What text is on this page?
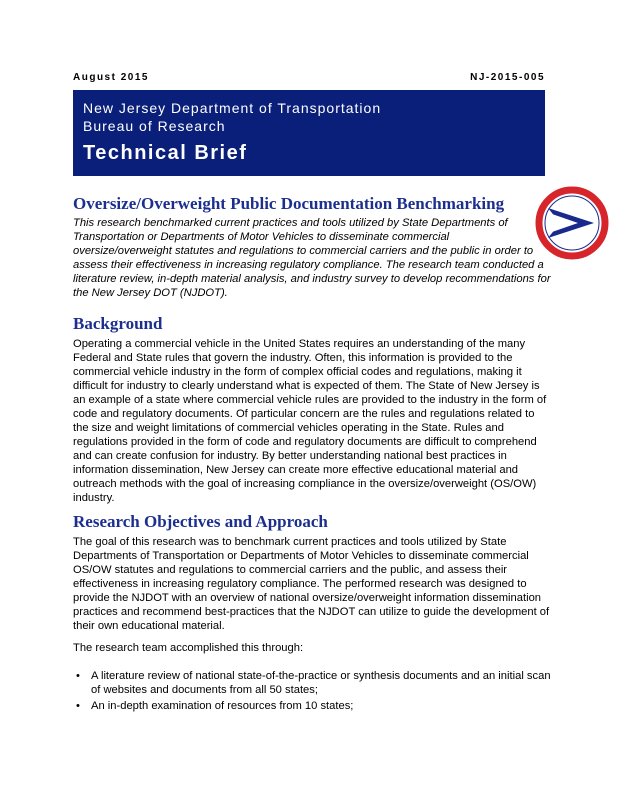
August 2015	NJ-2015-005
New Jersey Department of Transportation
Bureau of Research
Technical Brief
Oversize/Overweight Public Documentation Benchmarking

This research benchmarked current practices and tools utilized by State Departments of Transportation or Departments of Motor Vehicles to disseminate commercial oversize/overweight statutes and regulations to commercial carriers and the public in order to assess their effectiveness in increasing regulatory compliance. The research team conducted a literature review, in-depth material analysis, and industry survey to develop recommendations for the New Jersey DOT (NJDOT).

Background

Operating a commercial vehicle in the United States requires an understanding of the many Federal and State rules that govern the industry. Often, this information is provided to the commercial vehicle industry in the form of complex official codes and regulations, making it difficult for industry to clearly understand what is expected of them. The State of New Jersey is an example of a state where commercial vehicle rules are provided to the industry in the form of code and regulatory documents. Of particular concern are the rules and regulations related to the size and weight limitations of commercial vehicles operating in the State. Rules and regulations provided in the form of code and regulatory documents are difficult to comprehend and can create confusion for industry. By better understanding national best practices in information dissemination, New Jersey can create more effective educational material and outreach methods with the goal of increasing compliance in the oversize/overweight (OS/OW) industry.

Research Objectives and Approach

The goal of this research was to benchmark current practices and tools utilized by State Departments of Transportation or Departments of Motor Vehicles to disseminate commercial OS/OW statutes and regulations to commercial carriers and the public, and assess their effectiveness in increasing regulatory compliance. The performed research was designed to provide the NJDOT with an overview of national oversize/overweight information dissemination practices and recommend best-practices that the NJDOT can utilize to guide the development of their own educational material.

The research team accomplished this through:

• A literature review of national state-of-the-practice or synthesis documents and an initial scan of websites and documents from all 50 states;
• An in-depth examination of resources from 10 states;
